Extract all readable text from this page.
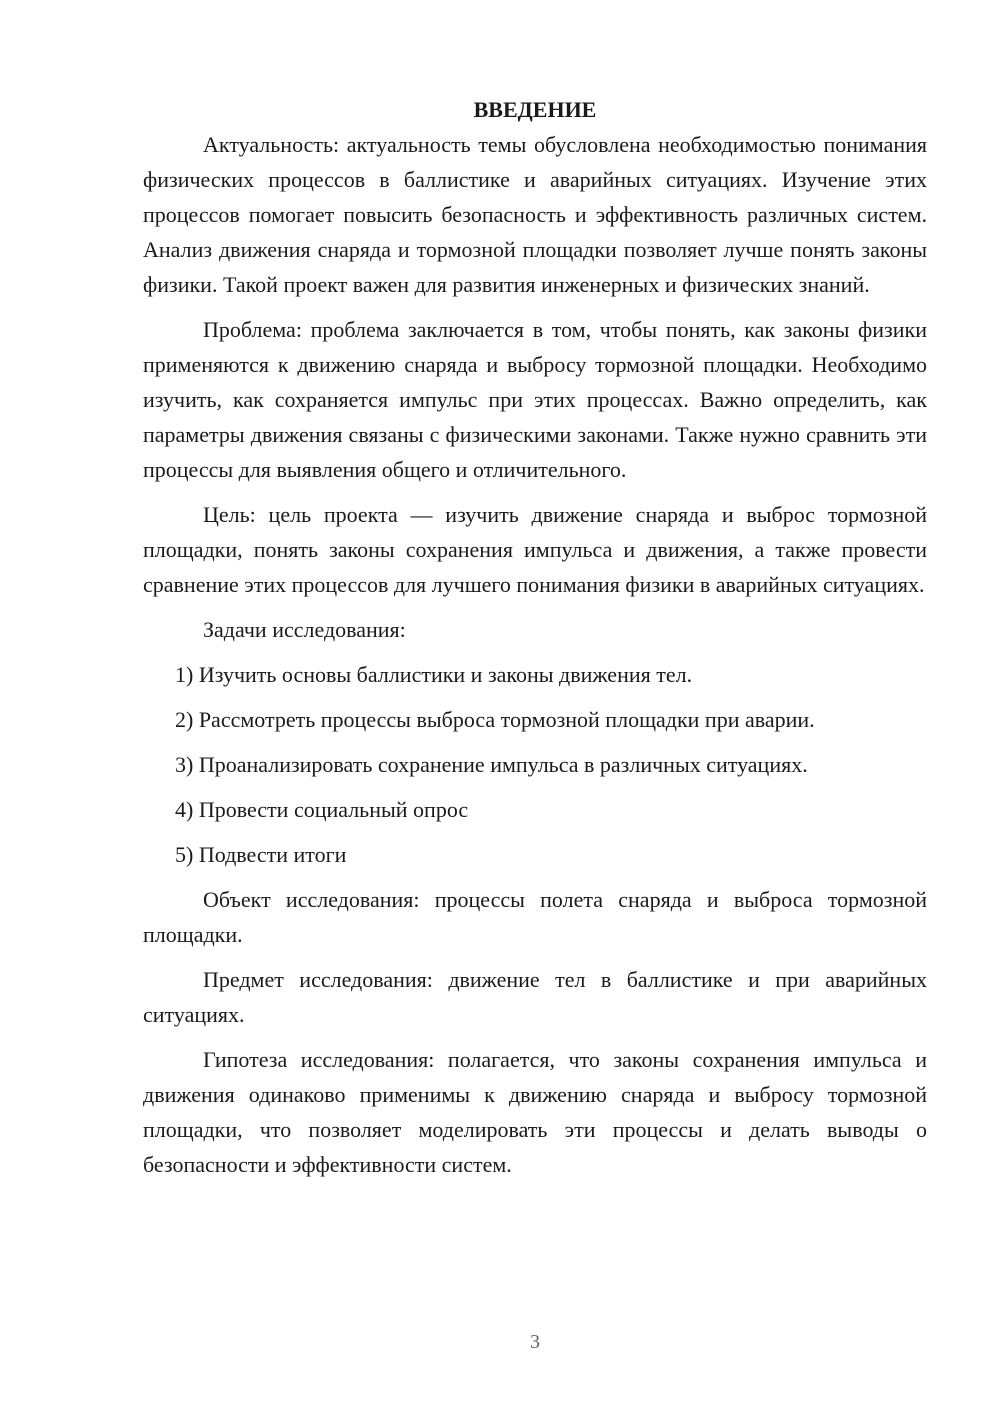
ВВЕДЕНИЕ

Актуальность: актуальность темы обусловлена необходимостью понимания физических процессов в баллистике и аварийных ситуациях. Изучение этих процессов помогает повысить безопасность и эффективность различных систем. Анализ движения снаряда и тормозной площадки позволяет лучше понять законы физики. Такой проект важен для развития инженерных и физических знаний.

Проблема: проблема заключается в том, чтобы понять, как законы физики применяются к движению снаряда и выбросу тормозной площадки. Необходимо изучить, как сохраняется импульс при этих процессах. Важно определить, как параметры движения связаны с физическими законами. Также нужно сравнить эти процессы для выявления общего и отличительного.

Цель: цель проекта — изучить движение снаряда и выброс тормозной площадки, понять законы сохранения импульса и движения, а также провести сравнение этих процессов для лучшего понимания физики в аварийных ситуациях.

Задачи исследования:

1) Изучить основы баллистики и законы движения тел.
2) Рассмотреть процессы выброса тормозной площадки при аварии.
3) Проанализировать сохранение импульса в различных ситуациях.
4) Провести социальный опрос
5) Подвести итоги

Объект исследования: процессы полета снаряда и выброса тормозной площадки.

Предмет исследования: движение тел в баллистике и при аварийных ситуациях.

Гипотеза исследования: полагается, что законы сохранения импульса и движения одинаково применимы к движению снаряда и выбросу тормозной площадки, что позволяет моделировать эти процессы и делать выводы о безопасности и эффективности систем.

3
